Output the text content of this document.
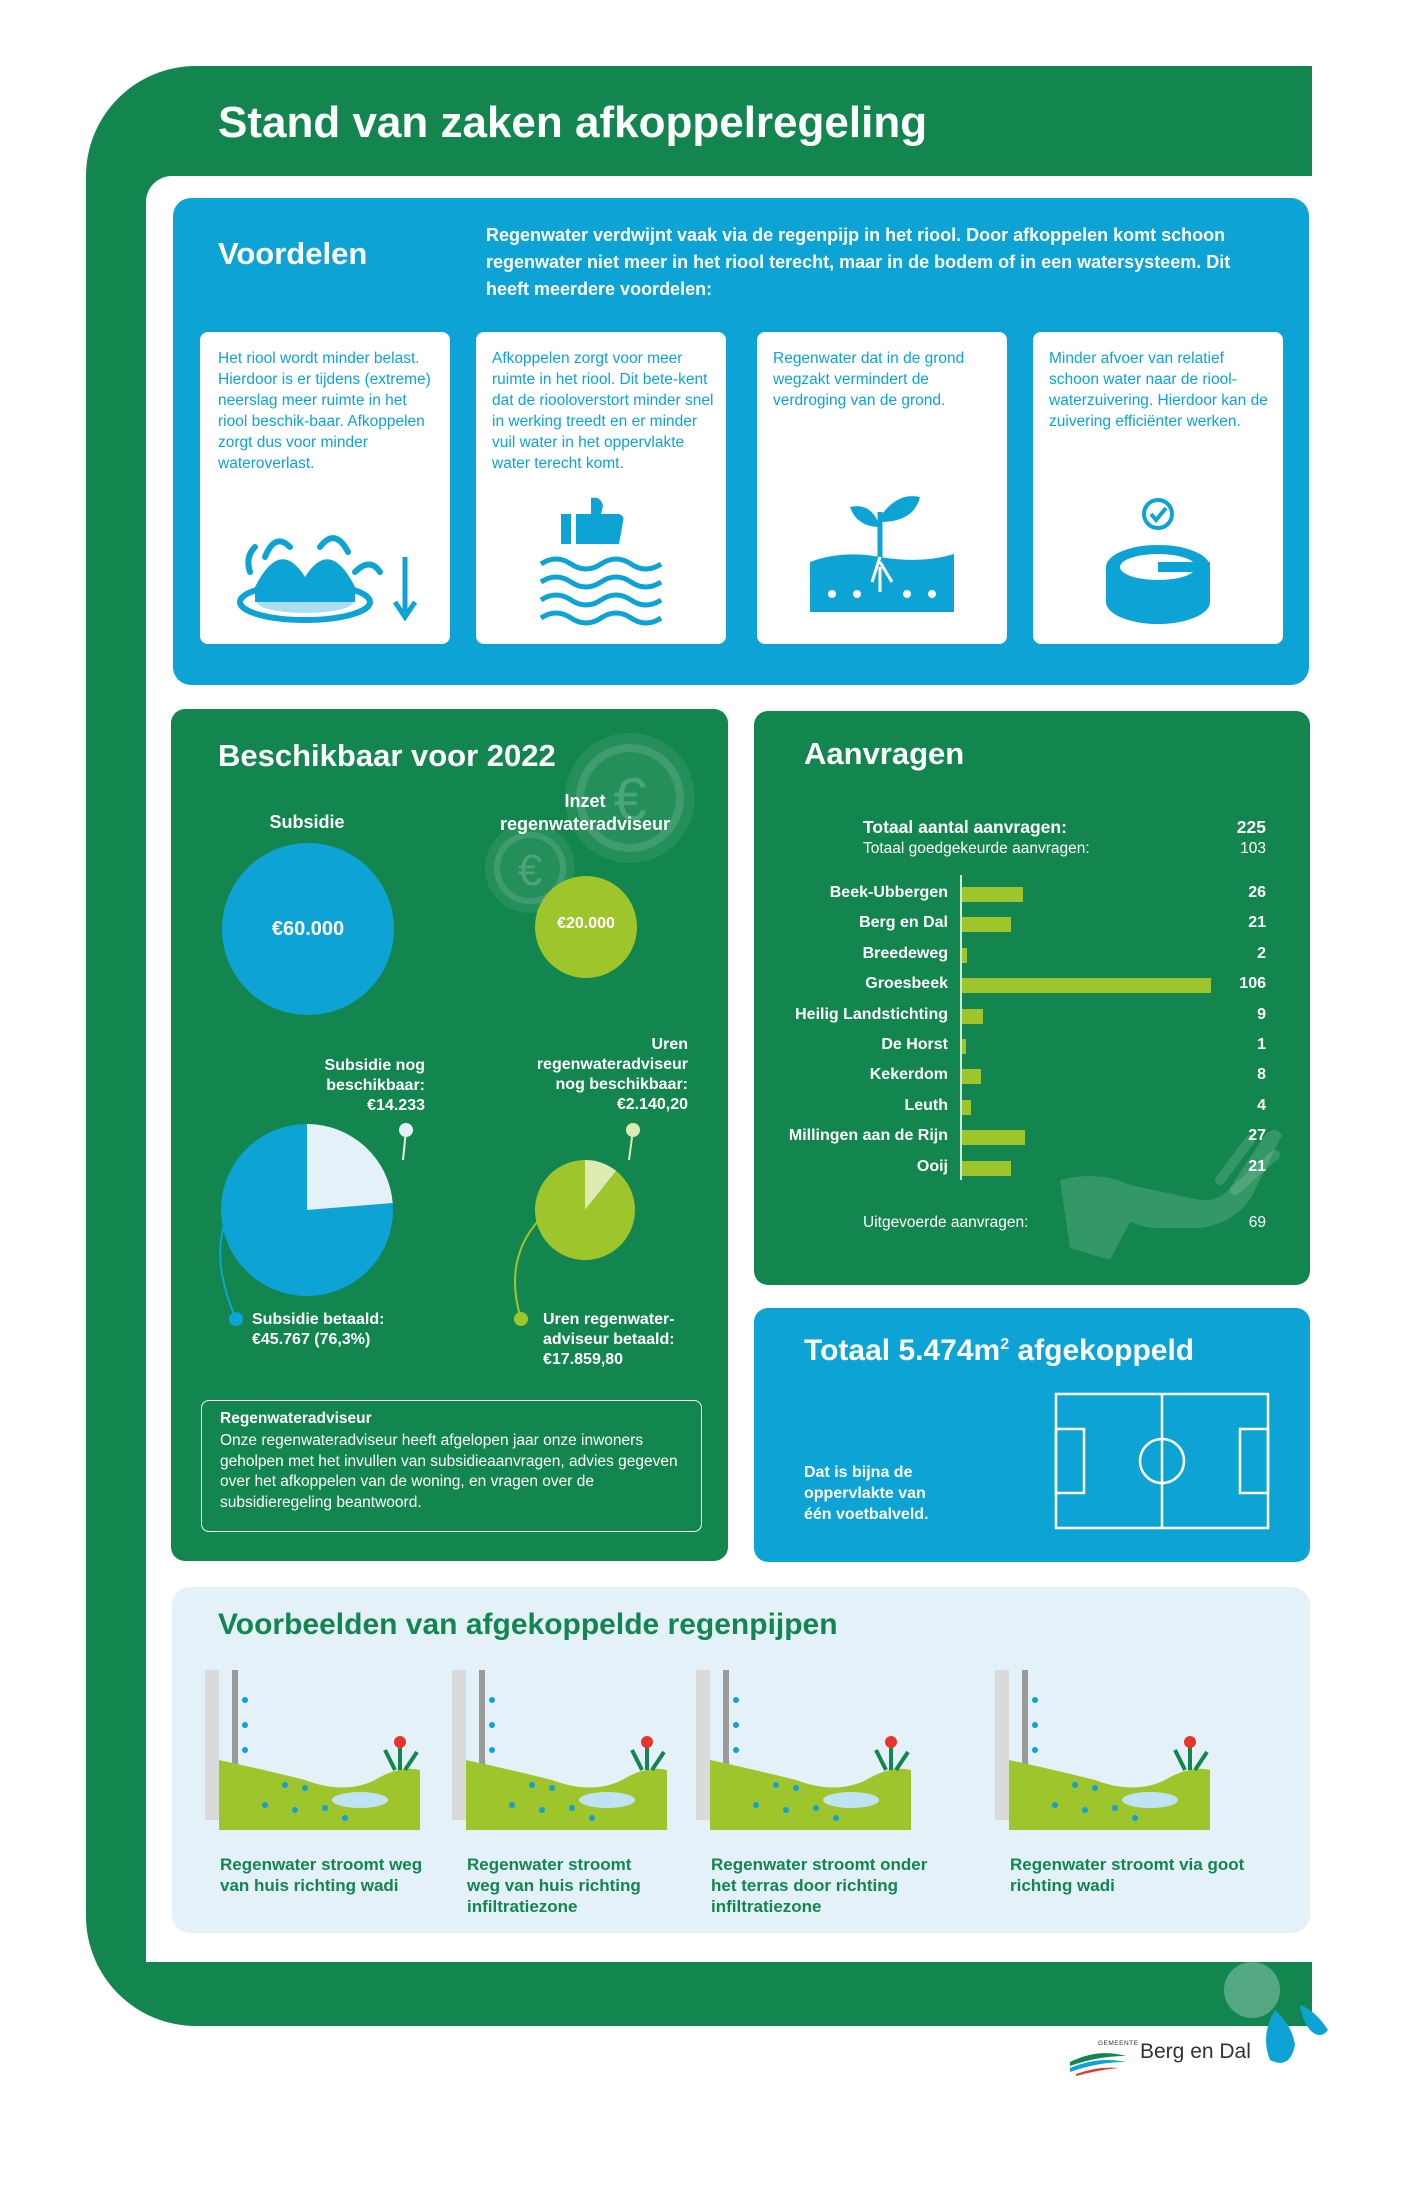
Stand van zaken afkoppelregeling
Voordelen
Regenwater verdwijnt vaak via de regenpijp in het riool. Door afkoppelen komt schoon regenwater niet meer in het riool terecht, maar in de bodem of in een watersysteem. Dit heeft meerdere voordelen:
Het riool wordt minder belast. Hierdoor is er tijdens (extreme) neerslag meer ruimte in het riool beschik-baar. Afkoppelen zorgt dus voor minder wateroverlast.
Afkoppelen zorgt voor meer ruimte in het riool. Dit bete-kent dat de riooloverstort minder snel in werking treedt en er minder vuil water in het oppervlakte water terecht komt.
Regenwater dat in de grond wegzakt vermindert de verdroging van de grond.
Minder afvoer van relatief schoon water naar de riool-waterzuivering. Hierdoor kan de zuivering efficiënter werken.
Beschikbaar voor 2022
€
€
Subsidie
€60.000
Inzet
regenwateradviseur
€20.000
Subsidie nog
beschikbaar:
€14.233
Uren
regenwateradviseur
nog beschikbaar:
€2.140,20
Subsidie betaald:
€45.767 (76,3%)
Uren regenwater-
adviseur betaald:
€17.859,80
Regenwateradviseur
Onze regenwateradviseur heeft afgelopen jaar onze inwoners geholpen met het invullen van subsidieaanvragen, advies gegeven over het afkoppelen van de woning, en vragen over de subsidieregeling beantwoord.
Aanvragen
Totaal aantal aanvragen:	225
Totaal goedgekeurde aanvragen:	103
Beek-Ubbergen	26
Berg en Dal	21
Breedeweg	2
Groesbeek	106
Heilig Landstichting	9
De Horst	1
Kekerdom	8
Leuth	4
Millingen aan de Rijn	27
Ooij	21
Uitgevoerde aanvragen:	69
Totaal $5.474m^2$ afgekoppeld
Dat is bijna de
oppervlakte van
één voetbalveld.
Voorbeelden van afgekoppelde regenpijpen
Regenwater stroomt weg
van huis richting wadi
Regenwater stroomt
weg van huis richting
infiltratiezone
Regenwater stroomt onder
het terras door richting
infiltratiezone
Regenwater stroomt via goot
richting wadi
GEMEENTE Berg en Dal
